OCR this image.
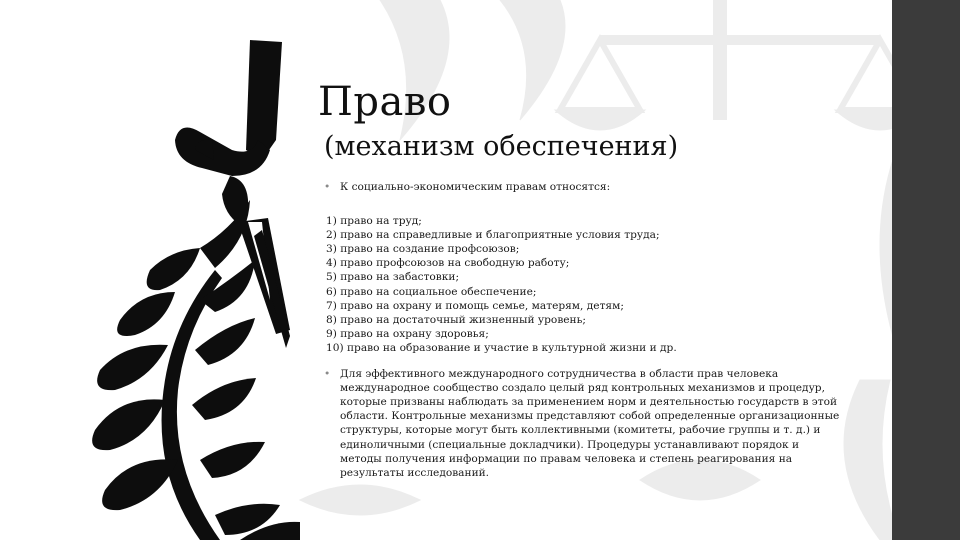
Право
(механизм обеспечения)
• К социально-экономическим правам относятся:
1) право на труд;
2) право на справедливые и благоприятные условия труда;
3) право на создание профсоюзов;
4) право профсоюзов на свободную работу;
5) право на забастовки;
6) право на социальное обеспечение;
7) право на охрану и помощь семье, матерям, детям;
8) право на достаточный жизненный уровень;
9) право на охрану здоровья;
10) право на образование и участие в культурной жизни и др.
• Для эффективного международного сотрудничества в области прав человека международное сообщество создало целый ряд контрольных механизмов и процедур, которые призваны наблюдать за применением норм и деятельностью государств в этой области. Контрольные механизмы представляют собой определенные организационные структуры, которые могут быть коллективными (комитеты, рабочие группы и т. д.) и единоличными (специальные докладчики). Процедуры устанавливают порядок и методы получения информации по правам человека и степень реагирования на результаты исследований.
